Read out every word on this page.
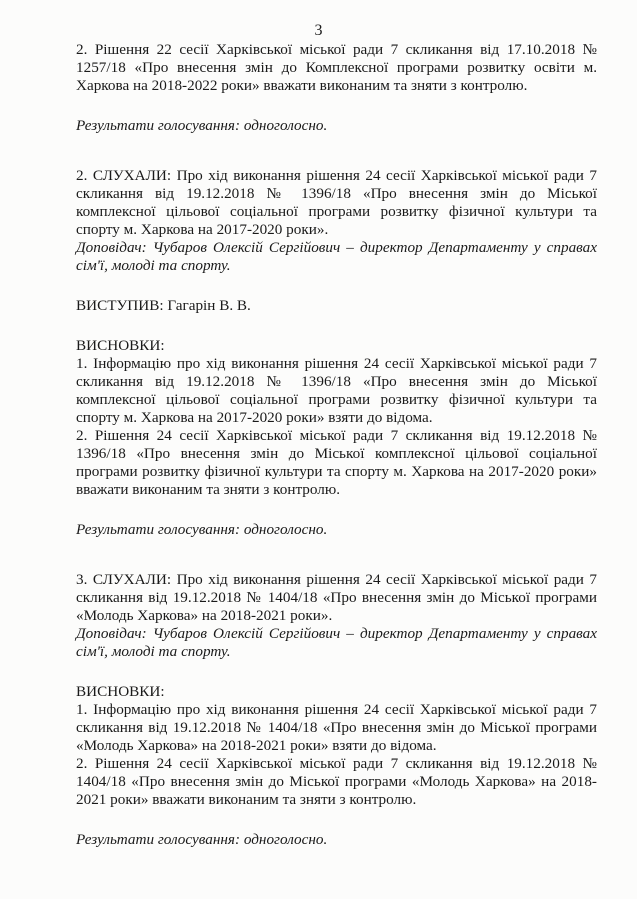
3

2. Рішення 22 сесії Харківської міської ради 7 скликання від 17.10.2018 № 1257/18 «Про внесення змін до Комплексної програми розвитку освіти м. Харкова на 2018-2022 роки» вважати виконаним та зняти з контролю.

Результати голосування: одноголосно.

2. СЛУХАЛИ: Про хід виконання рішення 24 сесії Харківської міської ради 7 скликання від 19.12.2018 № 1396/18 «Про внесення змін до Міської комплексної цільової соціальної програми розвитку фізичної культури та спорту м. Харкова на 2017-2020 роки».

Доповідач: Чубаров Олексій Сергійович – директор Департаменту у справах сім'ї, молоді та спорту.

ВИСТУПИВ: Гагарін В. В.

ВИСНОВКИ:

1. Інформацію про хід виконання рішення 24 сесії Харківської міської ради 7 скликання від 19.12.2018 № 1396/18 «Про внесення змін до Міської комплексної цільової соціальної програми розвитку фізичної культури та спорту м. Харкова на 2017-2020 роки» взяти до відома.

2. Рішення 24 сесії Харківської міської ради 7 скликання від 19.12.2018 № 1396/18 «Про внесення змін до Міської комплексної цільової соціальної програми розвитку фізичної культури та спорту м. Харкова на 2017-2020 роки» вважати виконаним та зняти з контролю.

Результати голосування: одноголосно.

3. СЛУХАЛИ: Про хід виконання рішення 24 сесії Харківської міської ради 7 скликання від 19.12.2018 № 1404/18 «Про внесення змін до Міської програми «Молодь Харкова» на 2018-2021 роки».

Доповідач: Чубаров Олексій Сергійович – директор Департаменту у справах сім'ї, молоді та спорту.

ВИСНОВКИ:

1. Інформацію про хід виконання рішення 24 сесії Харківської міської ради 7 скликання від 19.12.2018 № 1404/18 «Про внесення змін до Міської програми «Молодь Харкова» на 2018-2021 роки» взяти до відома.

2. Рішення 24 сесії Харківської міської ради 7 скликання від 19.12.2018 № 1404/18 «Про внесення змін до Міської програми «Молодь Харкова» на 2018-2021 роки» вважати виконаним та зняти з контролю.

Результати голосування: одноголосно.
